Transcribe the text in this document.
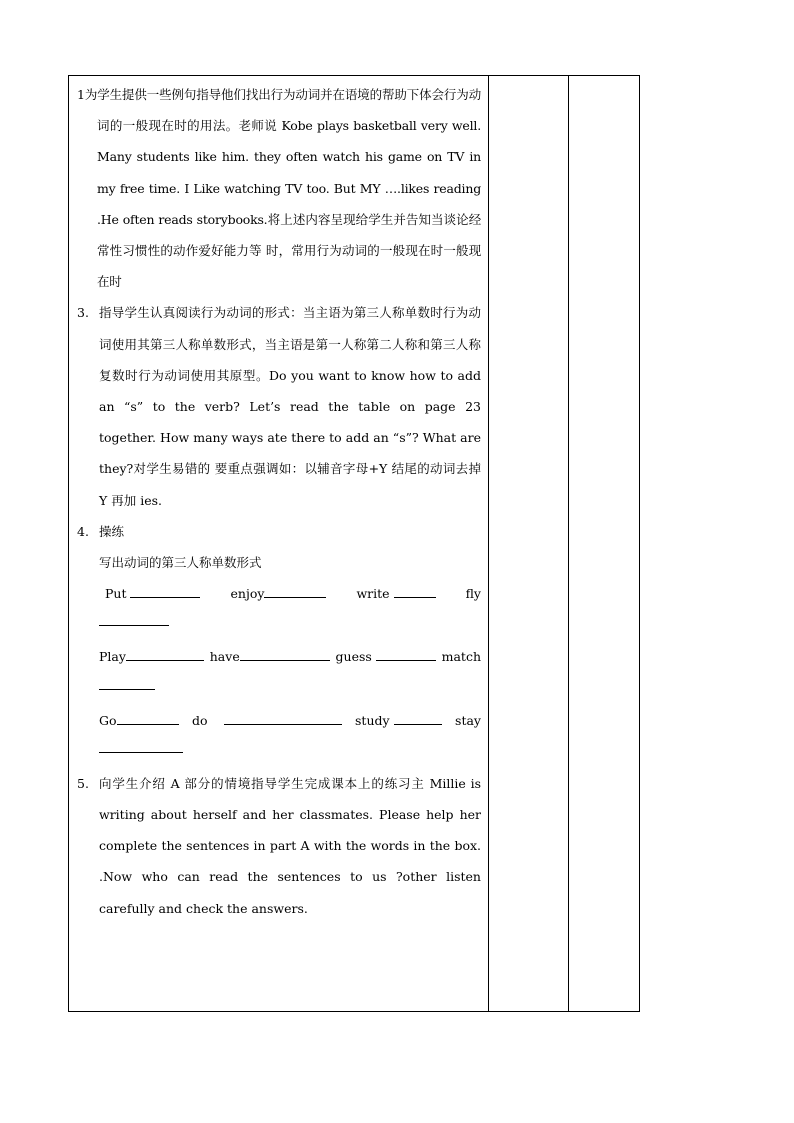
1为学生提供一些例句指导他们找出行为动词并在语境的帮助下体会行为动词的一般现在时的用法。老师说 Kobe plays basketball very well. Many students like him. they often watch his game on TV in my free time. I Like watching TV too. But MY ….likes reading .He often reads storybooks.将上述内容呈现给学生并告知当谈论经常性习惯性的动作爱好能力等 时，常用行为动词的一般现在时一般现在时
3. 指导学生认真阅读行为动词的形式：当主语为第三人称单数时行为动词使用其第三人称单数形式，当主语是第一人称第二人称和第三人称复数时行为动词使用其原型。Do you want to know how to add an “s” to the verb? Let’s read the table on page 23 together. How many ways ate there to add an “s”? What are they?对学生易错的 要重点强调如：以辅音字母+Y 结尾的动词去掉 Y 再加 ies.
4. 操练
写出动词的第三人称单数形式
Put	enjoy	write	fly
Play	have	guess	match
Go	do	study	stay
5. 向学生介绍 A 部分的情境指导学生完成课本上的练习主 Millie is writing about herself and her classmates. Please help her complete the sentences in part A with the words in the box. .Now who can read the sentences to us ?other listen carefully and check the answers.
